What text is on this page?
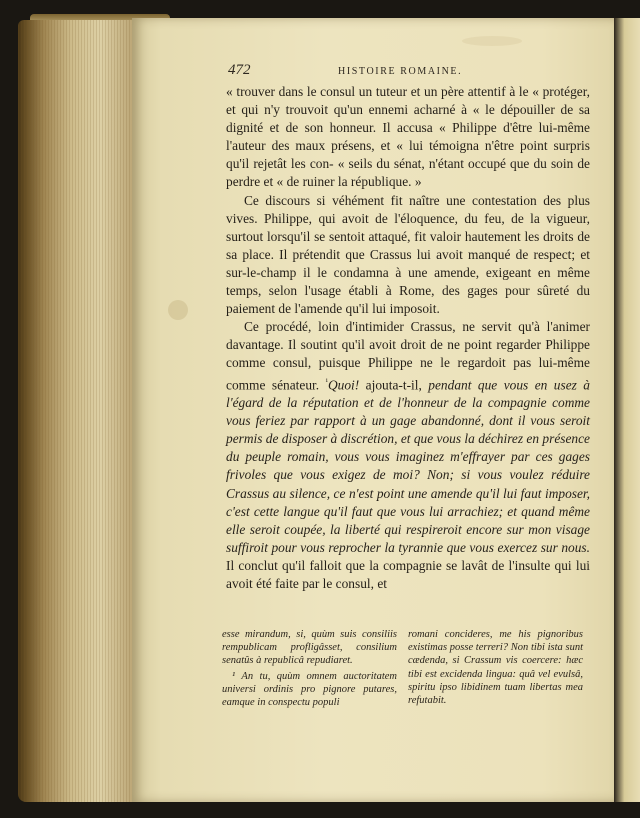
472	HISTOIRE ROMAINE.

« trouver dans le consul un tuteur et un père attentif à le « protéger, et qui n'y trouvoit qu'un ennemi acharné à « le dépouiller de sa dignité et de son honneur. Il accusa « Philippe d'être lui-même l'auteur des maux présens, et « lui témoigna n'être point surpris qu'il rejetât les con- « seils du sénat, n'étant occupé que du soin de perdre et « de ruiner la république. »

Ce discours si véhément fit naître une contestation des plus vives. Philippe, qui avoit de l'éloquence, du feu, de la vigueur, surtout lorsqu'il se sentoit attaqué, fit valoir hautement les droits de sa place. Il prétendit que Crassus lui avoit manqué de respect; et sur-le-champ il le condamna à une amende, exigeant en même temps, selon l'usage établi à Rome, des gages pour sûreté du paiement de l'amende qu'il lui imposoit.

Ce procédé, loin d'intimider Crassus, ne servit qu'à l'animer davantage. Il soutint qu'il avoit droit de ne point regarder Philippe comme consul, puisque Philippe ne le regardoit pas lui-même comme sénateur. $^{^1}$Quoi! ajouta-t-il, pendant que vous en usez à l'égard de la réputation et de l'honneur de la compagnie comme vous feriez par rapport à un gage abandonné, dont il vous seroit permis de disposer à discrétion, et que vous la déchirez en présence du peuple romain, vous vous imaginez m'effrayer par ces gages frivoles que vous exigez de moi? Non; si vous voulez réduire Crassus au silence, ce n'est point une amende qu'il lui faut imposer, c'est cette langue qu'il faut que vous lui arrachiez; et quand même elle seroit coupée, la liberté qui respireroit encore sur mon visage suffiroit pour vous reprocher la tyrannie que vous exercez sur nous. Il conclut qu'il falloit que la compagnie se lavât de l'insulte qui lui avoit été faite par le consul, et

esse mirandum, si, quùm suis consiliis rempublicam profligâsset, consilium senatûs à republicâ repudiaret.

¹ An tu, quùm omnem auctoritatem universi ordinis pro pignore putares, eamque in conspectu populi

romani concideres, me his pignoribus existimas posse terreri? Non tibi ista sunt cædenda, si Crassum vis coercere: hæc tibi est excidenda lingua: quâ vel evulsâ, spiritu ipso libidinem tuam libertas mea refutabit.
